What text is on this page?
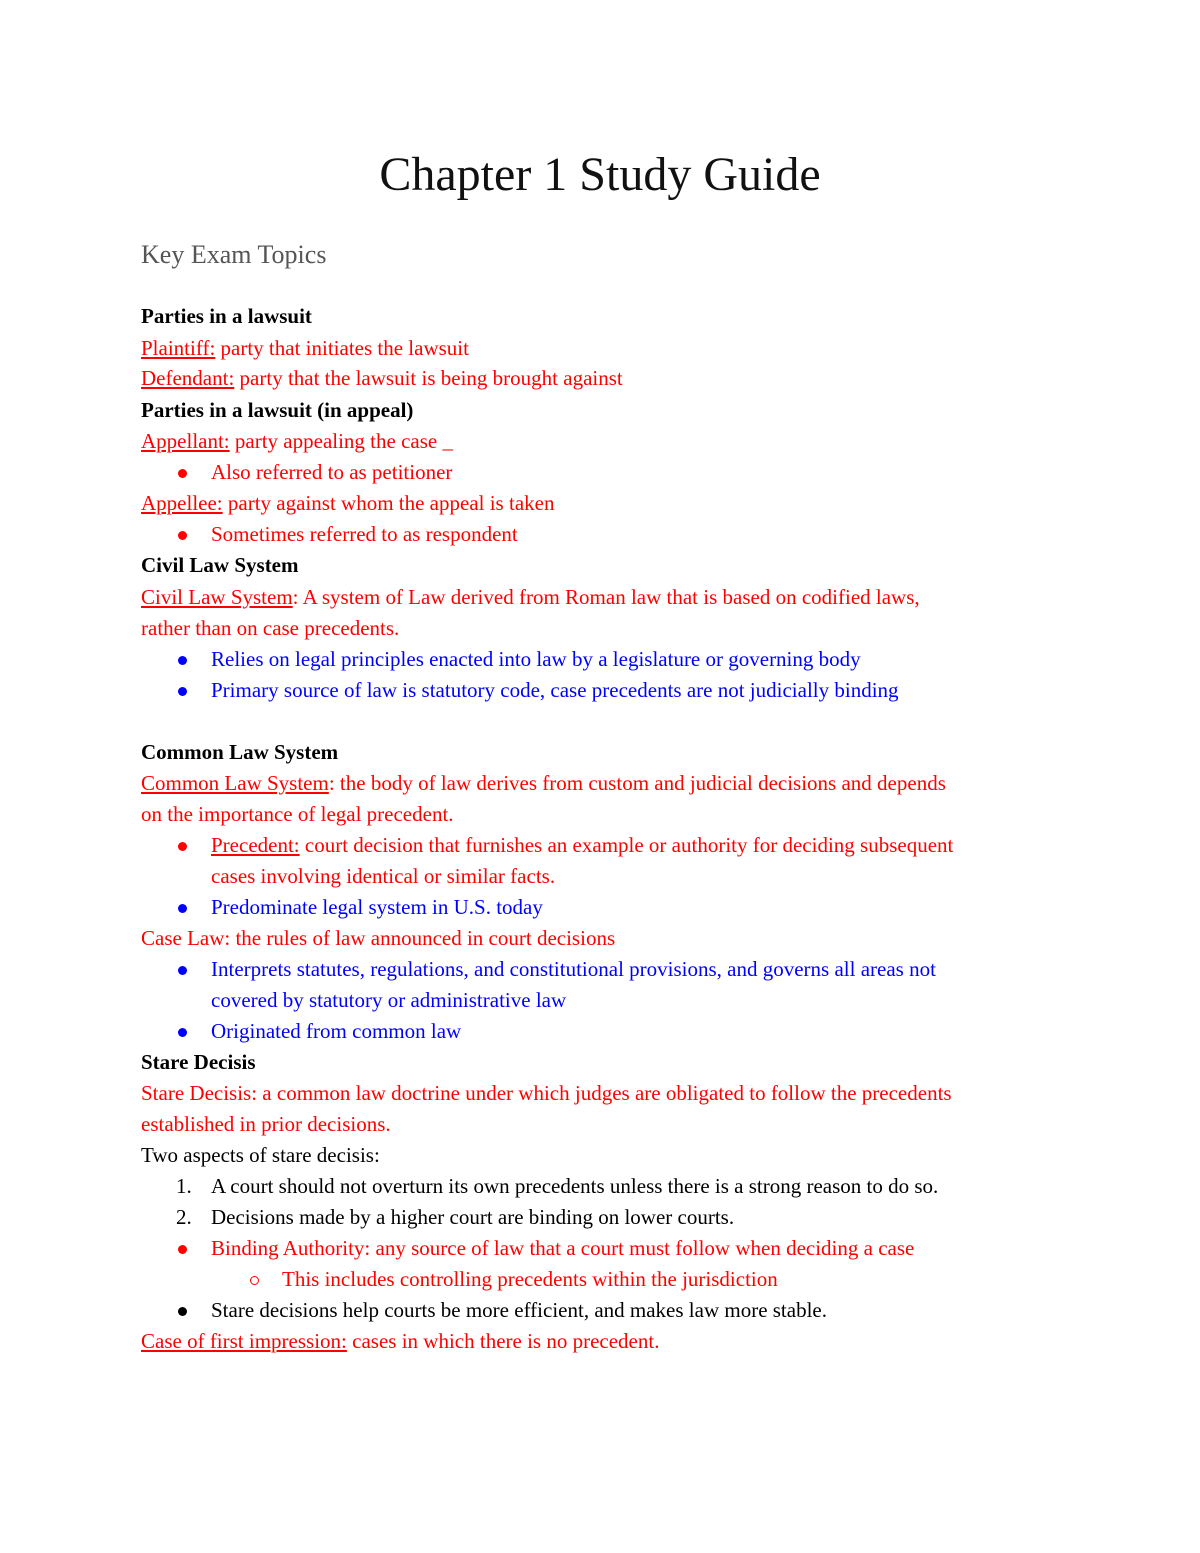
Chapter 1 Study Guide
Key Exam Topics
Parties in a lawsuit
Plaintiff: party that initiates the lawsuit
Defendant: party that the lawsuit is being brought against
Parties in a lawsuit (in appeal)
Appellant: party appealing the case _
Also referred to as petitioner
Appellee: party against whom the appeal is taken
Sometimes referred to as respondent
Civil Law System
Civil Law System: A system of Law derived from Roman law that is based on codified laws,
rather than on case precedents.
Relies on legal principles enacted into law by a legislature or governing body
Primary source of law is statutory code, case precedents are not judicially binding
Common Law System
Common Law System: the body of law derives from custom and judicial decisions and depends
on the importance of legal precedent.
Precedent: court decision that furnishes an example or authority for deciding subsequent
cases involving identical or similar facts.
Predominate legal system in U.S. today
Case Law: the rules of law announced in court decisions
Interprets statutes, regulations, and constitutional provisions, and governs all areas not
covered by statutory or administrative law
Originated from common law
Stare Decisis
Stare Decisis: a common law doctrine under which judges are obligated to follow the precedents
established in prior decisions.
Two aspects of stare decisis:
1. A court should not overturn its own precedents unless there is a strong reason to do so.
2. Decisions made by a higher court are binding on lower courts.
Binding Authority: any source of law that a court must follow when deciding a case
This includes controlling precedents within the jurisdiction
Stare decisions help courts be more efficient, and makes law more stable.
Case of first impression: cases in which there is no precedent.
